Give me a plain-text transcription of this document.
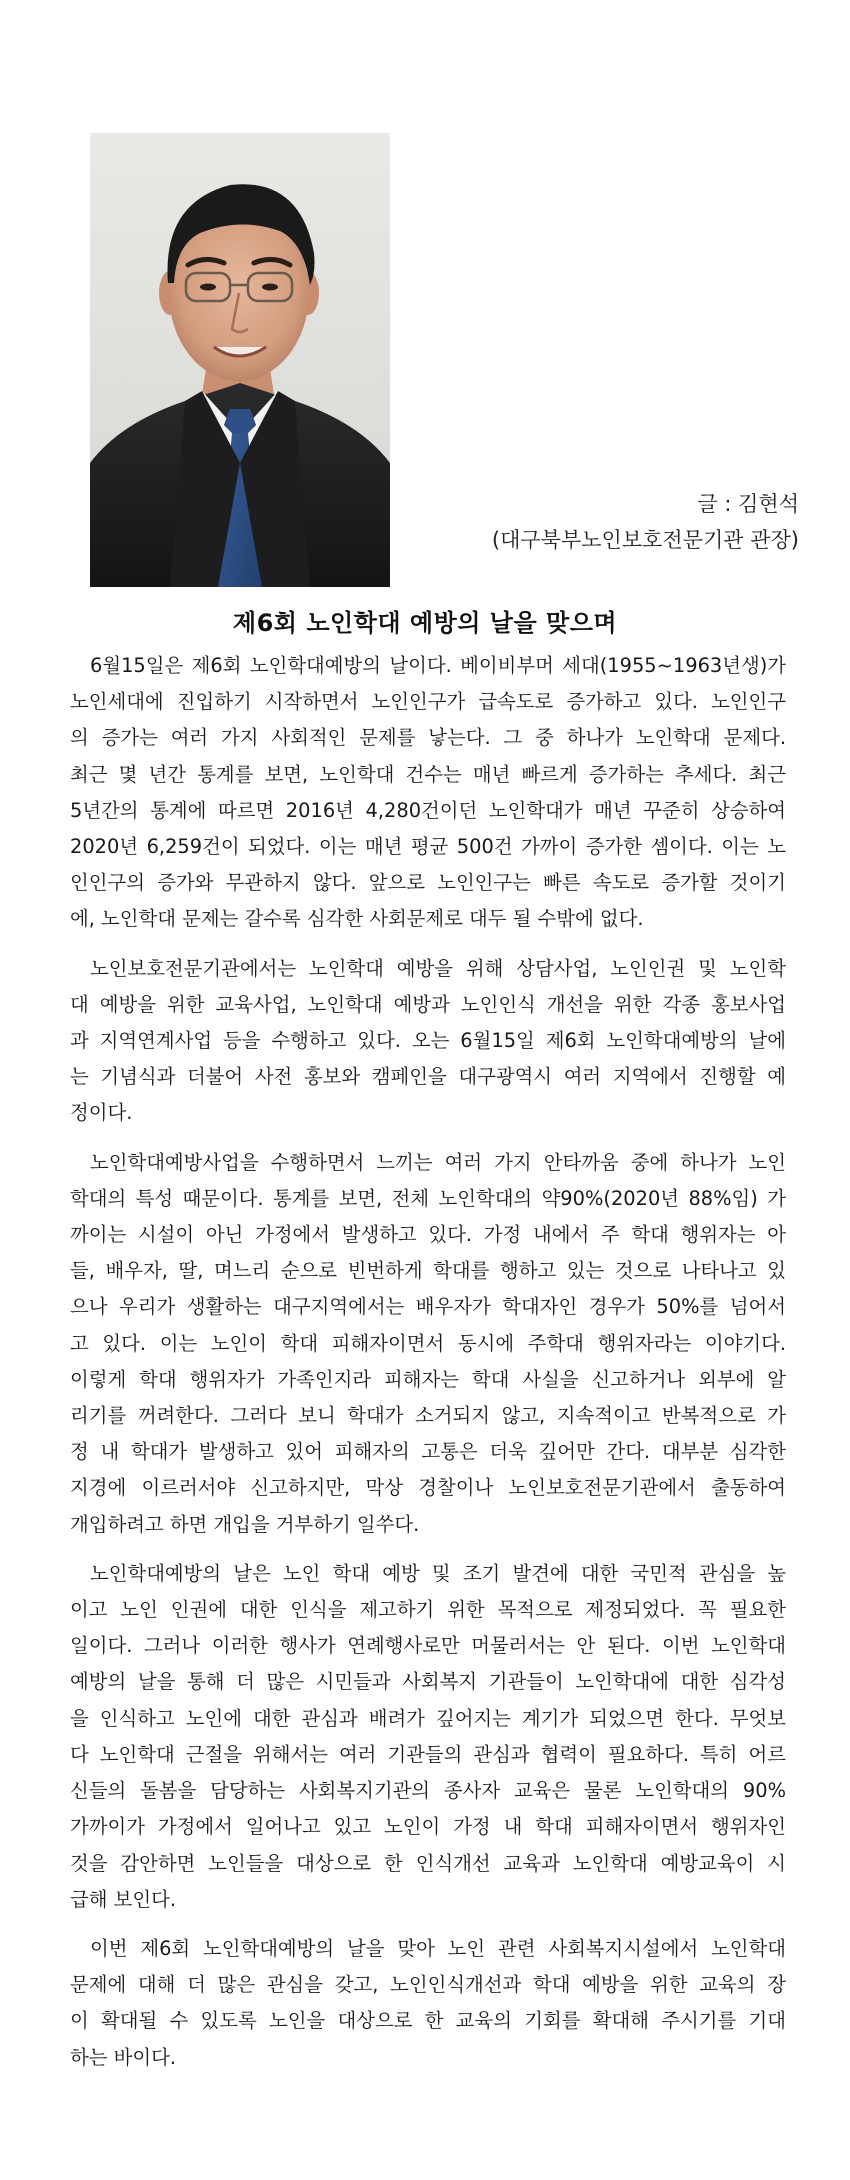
글 : 김현석
(대구북부노인보호전문기관 관장)
제6회 노인학대 예방의 날을 맞으며
6월15일은 제6회 노인학대예방의 날이다. 베이비부머 세대(1955~1963년생)가
노인세대에 진입하기 시작하면서 노인인구가 급속도로 증가하고 있다. 노인인구
의 증가는 여러 가지 사회적인 문제를 낳는다. 그 중 하나가 노인학대 문제다.
최근 몇 년간 통계를 보면, 노인학대 건수는 매년 빠르게 증가하는 추세다. 최근
5년간의 통계에 따르면 2016년 4,280건이던 노인학대가 매년 꾸준히 상승하여
2020년 6,259건이 되었다. 이는 매년 평균 500건 가까이 증가한 셈이다. 이는 노
인인구의 증가와 무관하지 않다. 앞으로 노인인구는 빠른 속도로 증가할 것이기
에, 노인학대 문제는 갈수록 심각한 사회문제로 대두 될 수밖에 없다.
노인보호전문기관에서는 노인학대 예방을 위해 상담사업, 노인인권 및 노인학
대 예방을 위한 교육사업, 노인학대 예방과 노인인식 개선을 위한 각종 홍보사업
과 지역연계사업 등을 수행하고 있다. 오는 6월15일 제6회 노인학대예방의 날에
는 기념식과 더불어 사전 홍보와 캠페인을 대구광역시 여러 지역에서 진행할 예
정이다.
노인학대예방사업을 수행하면서 느끼는 여러 가지 안타까움 중에 하나가 노인
학대의 특성 때문이다. 통계를 보면, 전체 노인학대의 약90%(2020년 88%임) 가
까이는 시설이 아닌 가정에서 발생하고 있다. 가정 내에서 주 학대 행위자는 아
들, 배우자, 딸, 며느리 순으로 빈번하게 학대를 행하고 있는 것으로 나타나고 있
으나 우리가 생활하는 대구지역에서는 배우자가 학대자인 경우가 50%를 넘어서
고 있다. 이는 노인이 학대 피해자이면서 동시에 주학대 행위자라는 이야기다.
이렇게 학대 행위자가 가족인지라 피해자는 학대 사실을 신고하거나 외부에 알
리기를 꺼려한다. 그러다 보니 학대가 소거되지 않고, 지속적이고 반복적으로 가
정 내 학대가 발생하고 있어 피해자의 고통은 더욱 깊어만 간다. 대부분 심각한
지경에 이르러서야 신고하지만, 막상 경찰이나 노인보호전문기관에서 출동하여
개입하려고 하면 개입을 거부하기 일쑤다.
노인학대예방의 날은 노인 학대 예방 및 조기 발견에 대한 국민적 관심을 높
이고 노인 인권에 대한 인식을 제고하기 위한 목적으로 제정되었다. 꼭 필요한
일이다. 그러나 이러한 행사가 연례행사로만 머물러서는 안 된다. 이번 노인학대
예방의 날을 통해 더 많은 시민들과 사회복지 기관들이 노인학대에 대한 심각성
을 인식하고 노인에 대한 관심과 배려가 깊어지는 계기가 되었으면 한다. 무엇보
다 노인학대 근절을 위해서는 여러 기관들의 관심과 협력이 필요하다. 특히 어르
신들의 돌봄을 담당하는 사회복지기관의 종사자 교육은 물론 노인학대의 90%
가까이가 가정에서 일어나고 있고 노인이 가정 내 학대 피해자이면서 행위자인
것을 감안하면 노인들을 대상으로 한 인식개선 교육과 노인학대 예방교육이 시
급해 보인다.
이번 제6회 노인학대예방의 날을 맞아 노인 관련 사회복지시설에서 노인학대
문제에 대해 더 많은 관심을 갖고, 노인인식개선과 학대 예방을 위한 교육의 장
이 확대될 수 있도록 노인을 대상으로 한 교육의 기회를 확대해 주시기를 기대
하는 바이다.
